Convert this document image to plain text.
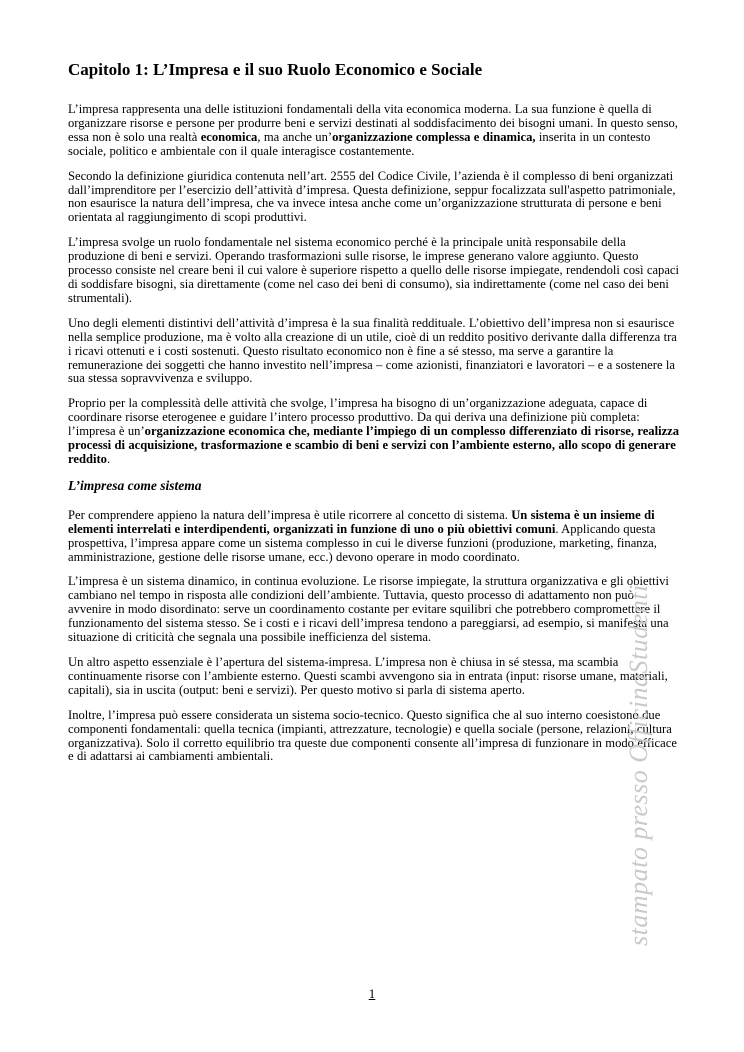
Capitolo 1: L’Impresa e il suo Ruolo Economico e Sociale

L’impresa rappresenta una delle istituzioni fondamentali della vita economica moderna. La sua funzione è quella di organizzare risorse e persone per produrre beni e servizi destinati al soddisfacimento dei bisogni umani. In questo senso, essa non è solo una realtà economica, ma anche un’organizzazione complessa e dinamica, inserita in un contesto sociale, politico e ambientale con il quale interagisce costantemente.

Secondo la definizione giuridica contenuta nell’art. 2555 del Codice Civile, l’azienda è il complesso di beni organizzati dall’imprenditore per l’esercizio dell’attività d’impresa. Questa definizione, seppur focalizzata sull'aspetto patrimoniale, non esaurisce la natura dell’impresa, che va invece intesa anche come un’organizzazione strutturata di persone e beni orientata al raggiungimento di scopi produttivi.

L’impresa svolge un ruolo fondamentale nel sistema economico perché è la principale unità responsabile della produzione di beni e servizi. Operando trasformazioni sulle risorse, le imprese generano valore aggiunto. Questo processo consiste nel creare beni il cui valore è superiore rispetto a quello delle risorse impiegate, rendendoli così capaci di soddisfare bisogni, sia direttamente (come nel caso dei beni di consumo), sia indirettamente (come nel caso dei beni strumentali).

Uno degli elementi distintivi dell’attività d’impresa è la sua finalità reddituale. L’obiettivo dell’impresa non si esaurisce nella semplice produzione, ma è volto alla creazione di un utile, cioè di un reddito positivo derivante dalla differenza tra i ricavi ottenuti e i costi sostenuti. Questo risultato economico non è fine a sé stesso, ma serve a garantire la remunerazione dei soggetti che hanno investito nell’impresa – come azionisti, finanziatori e lavoratori – e a sostenere la sua stessa sopravvivenza e sviluppo.

Proprio per la complessità delle attività che svolge, l’impresa ha bisogno di un’organizzazione adeguata, capace di coordinare risorse eterogenee e guidare l’intero processo produttivo. Da qui deriva una definizione più completa: l’impresa è un’organizzazione economica che, mediante l’impiego di un complesso differenziato di risorse, realizza processi di acquisizione, trasformazione e scambio di beni e servizi con l’ambiente esterno, allo scopo di generare reddito.

L’impresa come sistema

Per comprendere appieno la natura dell’impresa è utile ricorrere al concetto di sistema. Un sistema è un insieme di elementi interrelati e interdipendenti, organizzati in funzione di uno o più obiettivi comuni. Applicando questa prospettiva, l’impresa appare come un sistema complesso in cui le diverse funzioni (produzione, marketing, finanza, amministrazione, gestione delle risorse umane, ecc.) devono operare in modo coordinato.

L’impresa è un sistema dinamico, in continua evoluzione. Le risorse impiegate, la struttura organizzativa e gli obiettivi cambiano nel tempo in risposta alle condizioni dell’ambiente. Tuttavia, questo processo di adattamento non può avvenire in modo disordinato: serve un coordinamento costante per evitare squilibri che potrebbero compromettere il funzionamento del sistema stesso. Se i costi e i ricavi dell’impresa tendono a pareggiarsi, ad esempio, si manifesta una situazione di criticità che segnala una possibile inefficienza del sistema.

Un altro aspetto essenziale è l’apertura del sistema-impresa. L’impresa non è chiusa in sé stessa, ma scambia continuamente risorse con l’ambiente esterno. Questi scambi avvengono sia in entrata (input: risorse umane, materiali, capitali), sia in uscita (output: beni e servizi). Per questo motivo si parla di sistema aperto.

Inoltre, l’impresa può essere considerata un sistema socio-tecnico. Questo significa che al suo interno coesistono due componenti fondamentali: quella tecnica (impianti, attrezzature, tecnologie) e quella sociale (persone, relazioni, cultura organizzativa). Solo il corretto equilibrio tra queste due componenti consente all’impresa di funzionare in modo efficace e di adattarsi ai cambiamenti ambientali.	stampato presso OfficinaStudenti
1
